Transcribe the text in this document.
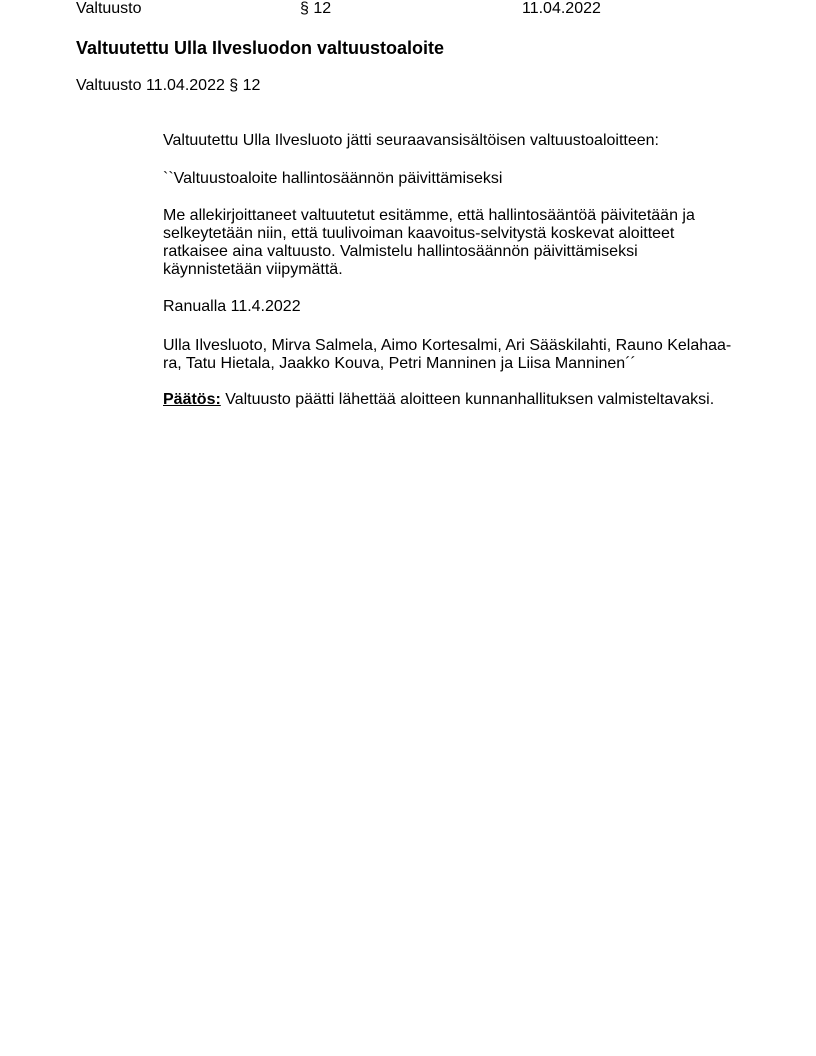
Valtuusto	§ 12	11.04.2022
Valtuutettu Ulla Ilvesluodon valtuustoaloite
Valtuusto 11.04.2022 § 12

Valtuutettu Ulla Ilvesluoto jätti seuraavansisältöisen valtuustoaloitteen:

``Valtuustoaloite hallintosäännön päivittämiseksi

Me allekirjoittaneet valtuutetut esitämme, että hallintosääntöä päivitetään ja
selkeytetään niin, että tuulivoiman kaavoitus-selvitystä koskevat aloitteet
ratkaisee aina valtuusto. Valmistelu hallintosäännön päivittämiseksi
käynnistetään viipymättä.

Ranualla 11.4.2022

Ulla Ilvesluoto, Mirva Salmela, Aimo Kortesalmi, Ari Sääskilahti, Rauno Kelahaa-
ra, Tatu Hietala, Jaakko Kouva, Petri Manninen ja Liisa Manninen´´

Päätös: Valtuusto päätti lähettää aloitteen kunnanhallituksen valmisteltavaksi.
